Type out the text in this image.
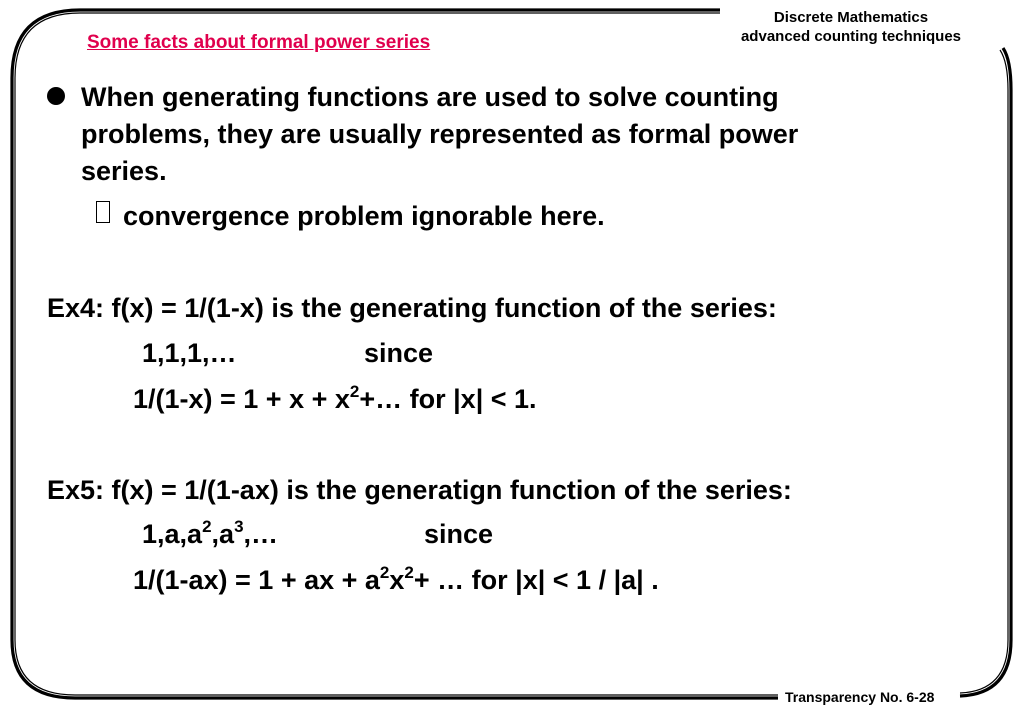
Discrete Mathematics
advanced counting techniques
Some facts about formal power series
When generating functions are used to solve counting
problems, they are usually represented as formal power
series.
convergence problem ignorable here.
Ex4: f(x) = 1/(1-x) is the generating function of the series:
1,1,1,…	since
$1/(1-x) = 1 + x + x^2+\dots$ for |x| < 1.
Ex5: f(x) = 1/(1-ax) is the generatign function of the series:
$1,a,a^2,a^3,\dots$	since
1/(1-ax) = 1 + ax + $a^2x^2+$ … for |x| < 1 / |a| .
Transparency No. 6-28
